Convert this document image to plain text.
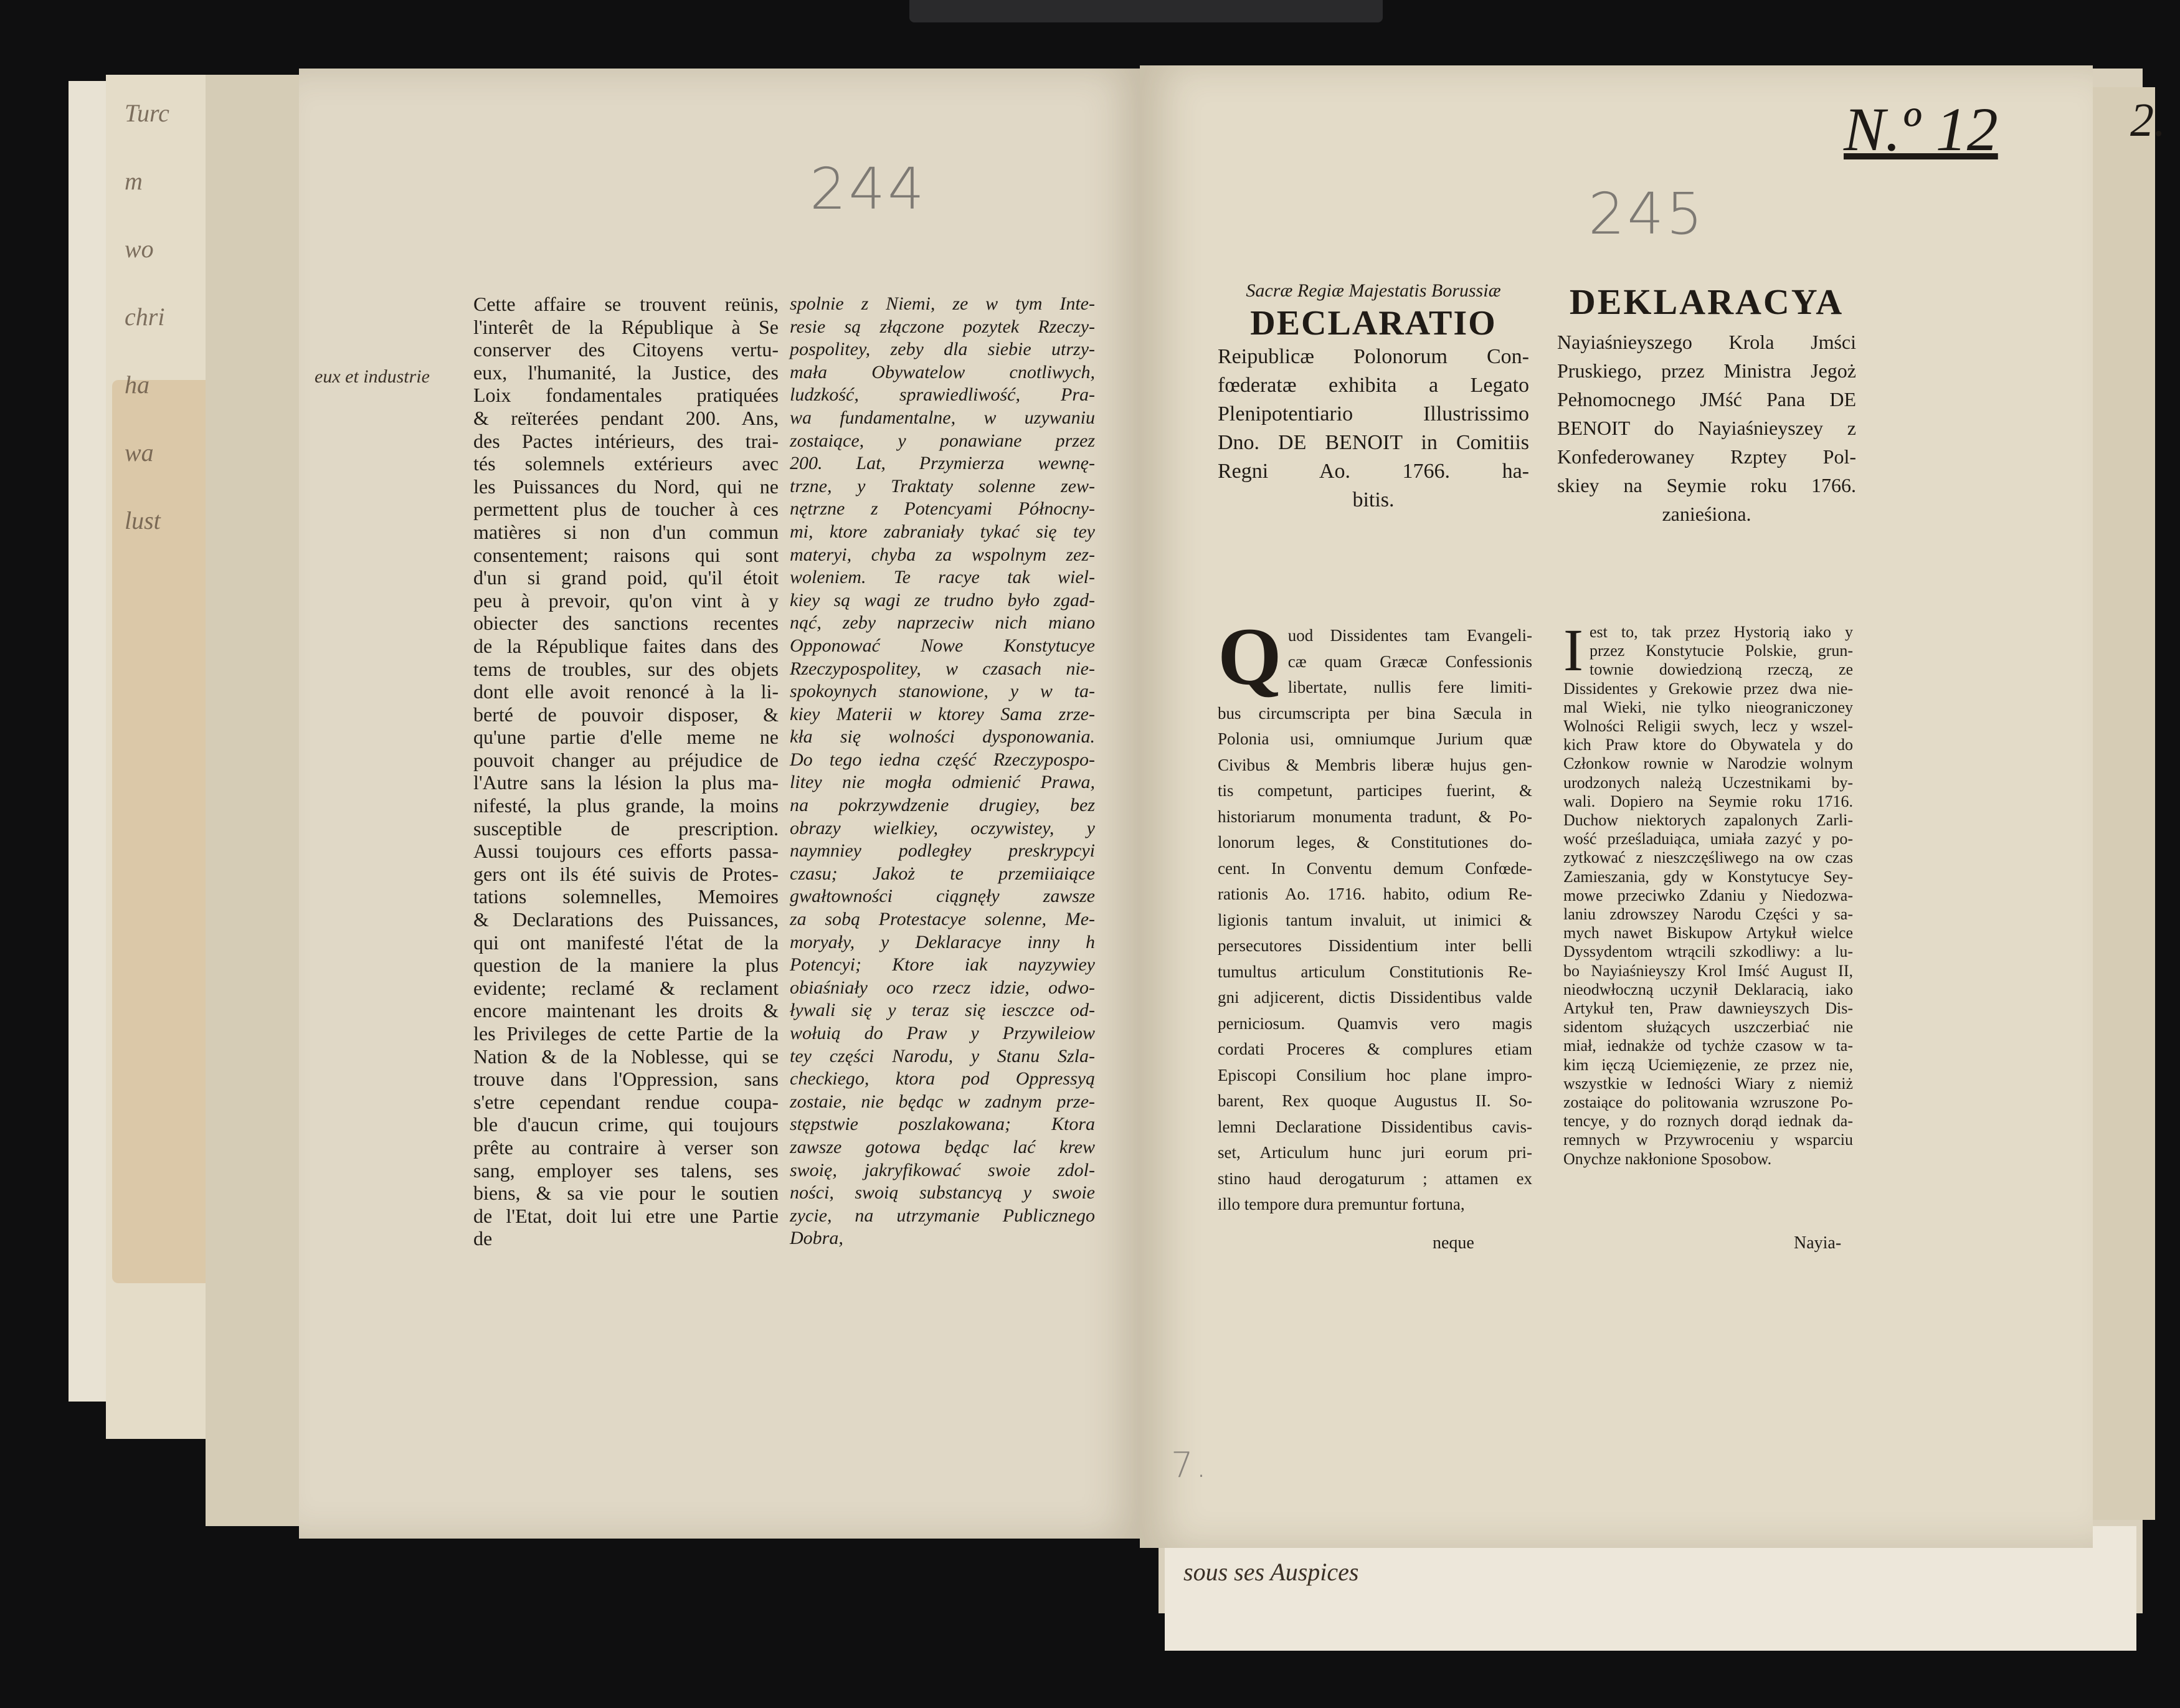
Turc
m
wo
chri
ha
wa
lust
sous ses Auspices
244	245
N.º 12	2.
7.
eux et industrie

Cette affaire se trouvent reünis,

l'interêt de la République à Se

conserver des Citoyens vertu-

eux, l'humanité, la Justice, des

Loix fondamentales pratiquées

& reïterées pendant 200. Ans,

des Pactes intérieurs, des trai-

tés solemnels extérieurs avec

les Puissances du Nord, qui ne

permettent plus de toucher à ces

matières si non d'un commun

consentement; raisons qui sont

d'un si grand poid, qu'il étoit

peu à prevoir, qu'on vint à y

obiecter des sanctions recentes

de la République faites dans des

tems de troubles, sur des objets

dont elle avoit renoncé à la li-

berté de pouvoir disposer, &

qu'une partie d'elle meme ne

pouvoit changer au préjudice de

l'Autre sans la lésion la plus ma-

nifesté, la plus grande, la moins

susceptible de prescription.

Aussi toujours ces efforts passa-

gers ont ils été suivis de Protes-

tations solemnelles, Memoires

& Declarations des Puissances,

qui ont manifesté l'état de la

question de la maniere la plus

evidente; reclamé & reclament

encore maintenant les droits &

les Privileges de cette Partie de la

Nation & de la Noblesse, qui se

trouve dans l'Oppression, sans

s'etre cependant rendue coupa-

ble d'aucun crime, qui toujours

prête au contraire à verser son

sang, employer ses talens, ses

biens, & sa vie pour le soutien

de l'Etat, doit lui etre une Partie

de

spolnie z Niemi, ze w tym Inte-

resie są złączone pozytek Rzeczy-

pospolitey, zeby dla siebie utrzy-

mała Obywatelow cnotliwych,

ludzkość, sprawiedliwość, Pra-

wa fundamentalne, w uzywaniu

zostaiące, y ponawiane przez

200. Lat, Przymierza wewnę-

trzne, y Traktaty solenne zew-

nętrzne z Potencyami Północny-

mi, ktore zabraniały tykać się tey

materyi, chyba za wspolnym zez-

woleniem. Te racye tak wiel-

kiey są wagi ze trudno było zgad-

nąć, zeby naprzeciw nich miano

Opponować Nowe Konstytucye

Rzeczypospolitey, w czasach nie-

spokoynych stanowione, y w ta-

kiey Materii w ktorey Sama zrze-

kła się wolności dysponowania.

Do tego iedna część Rzeczypospo-

litey nie mogła odmienić Prawa,

na pokrzywdzenie drugiey, bez

obrazy wielkiey, oczywistey, y

naymniey podległey preskrypcyi

czasu; Jakoż te przemiiaiące

gwałtowności ciągnęły zawsze

za sobą Protestacye solenne, Me-

moryały, y Deklaracye inny h

Potencyi; Ktore iak nayzywiey

obiaśniały oco rzecz idzie, odwo-

ływali się y teraz się iesczce od-

wołuią do Praw y Przywileiow

tey części Narodu, y Stanu Szla-

checkiego, ktora pod Oppressyą

zostaie, nie będąc w zadnym prze-

stępstwie poszlakowana; Ktora

zawsze gotowa będąc lać krew

swoię, jakryfikować swoie zdol-

ności, swoią substancyą y swoie

zycie, na utrzymanie Publicznego

Dobra,

Sacræ Regiæ Majestatis Borussiæ
DECLARATIO
Reipublicæ Polonorum Con-
fœderatæ exhibita a Legato
Plenipotentiario Illustrissimo
Dno. DE BENOIT in Comitiis
Regni Ao. 1766. ha-
bitis.
DEKLARACYA
Nayiaśnieyszego Krola Jmści
Pruskiego, przez Ministra Jegoż
Pełnomocnego JMść Pana DE
BENOIT do Nayiaśnieyszey z
Konfederowaney Rzptey Pol-
skiey na Seymie roku 1766.
zanieśiona.
Q uod Dissidentes tam Evangeli-

cæ quam Græcæ Confessionis

libertate, nullis fere limiti-

bus circumscripta per bina Sæcula in

Polonia usi, omniumque Jurium quæ

Civibus & Membris liberæ hujus gen-

tis competunt, participes fuerint, &

historiarum monumenta tradunt, & Po-

lonorum leges, & Constitutiones do-

cent. In Conventu demum Confœde-

rationis Ao. 1716. habito, odium Re-

ligionis tantum invaluit, ut inimici &

persecutores Dissidentium inter belli

tumultus articulum Constitutionis Re-

gni adjicerent, dictis Dissidentibus valde

perniciosum. Quamvis vero magis

cordati Proceres & complures etiam

Episcopi Consilium hoc plane impro-

barent, Rex quoque Augustus II. So-

lemni Declaratione Dissidentibus cavis-

set, Articulum hunc juri eorum pri-

stino haud derogaturum ; attamen ex

illo tempore dura premuntur fortuna,

neque
I est to, tak przez Hystorią iako y

przez Konstytucie Polskie, grun-

townie dowiedzioną rzeczą, ze

Dissidentes y Grekowie przez dwa nie-

mal Wieki, nie tylko nieograniczoney

Wolności Religii swych, lecz y wszel-

kich Praw ktore do Obywatela y do

Członkow rownie w Narodzie wolnym

urodzonych należą Uczestnikami by-

wali. Dopiero na Seymie roku 1716.

Duchow niektorych zapalonych Zarli-

wość prześladuiąca, umiała zazyć y po-

zytkować z nieszczęśliwego na ow czas

Zamieszania, gdy w Konstytucye Sey-

mowe przeciwko Zdaniu y Niedozwa-

laniu zdrowszey Narodu Części y sa-

mych nawet Biskupow Artykuł wielce

Dyssydentom wtrącili szkodliwy: a lu-

bo Nayiaśnieyszy Krol Imść August II,

nieodwłoczną uczynił Deklaracią, iako

Artykuł ten, Praw dawnieyszych Dis-

sidentom służących uszczerbiać nie

miał, iednakże od tychże czasow w ta-

kim ięczą Uciemięzenie, ze przez nie,

wszystkie w Iedności Wiary z niemiż

zostaiące do politowania wzruszone Po-

tencye, y do roznych dorąd iednak da-

remnych w Przywroceniu y wsparciu

Onychze nakłonione Sposobow.

Nayia-
